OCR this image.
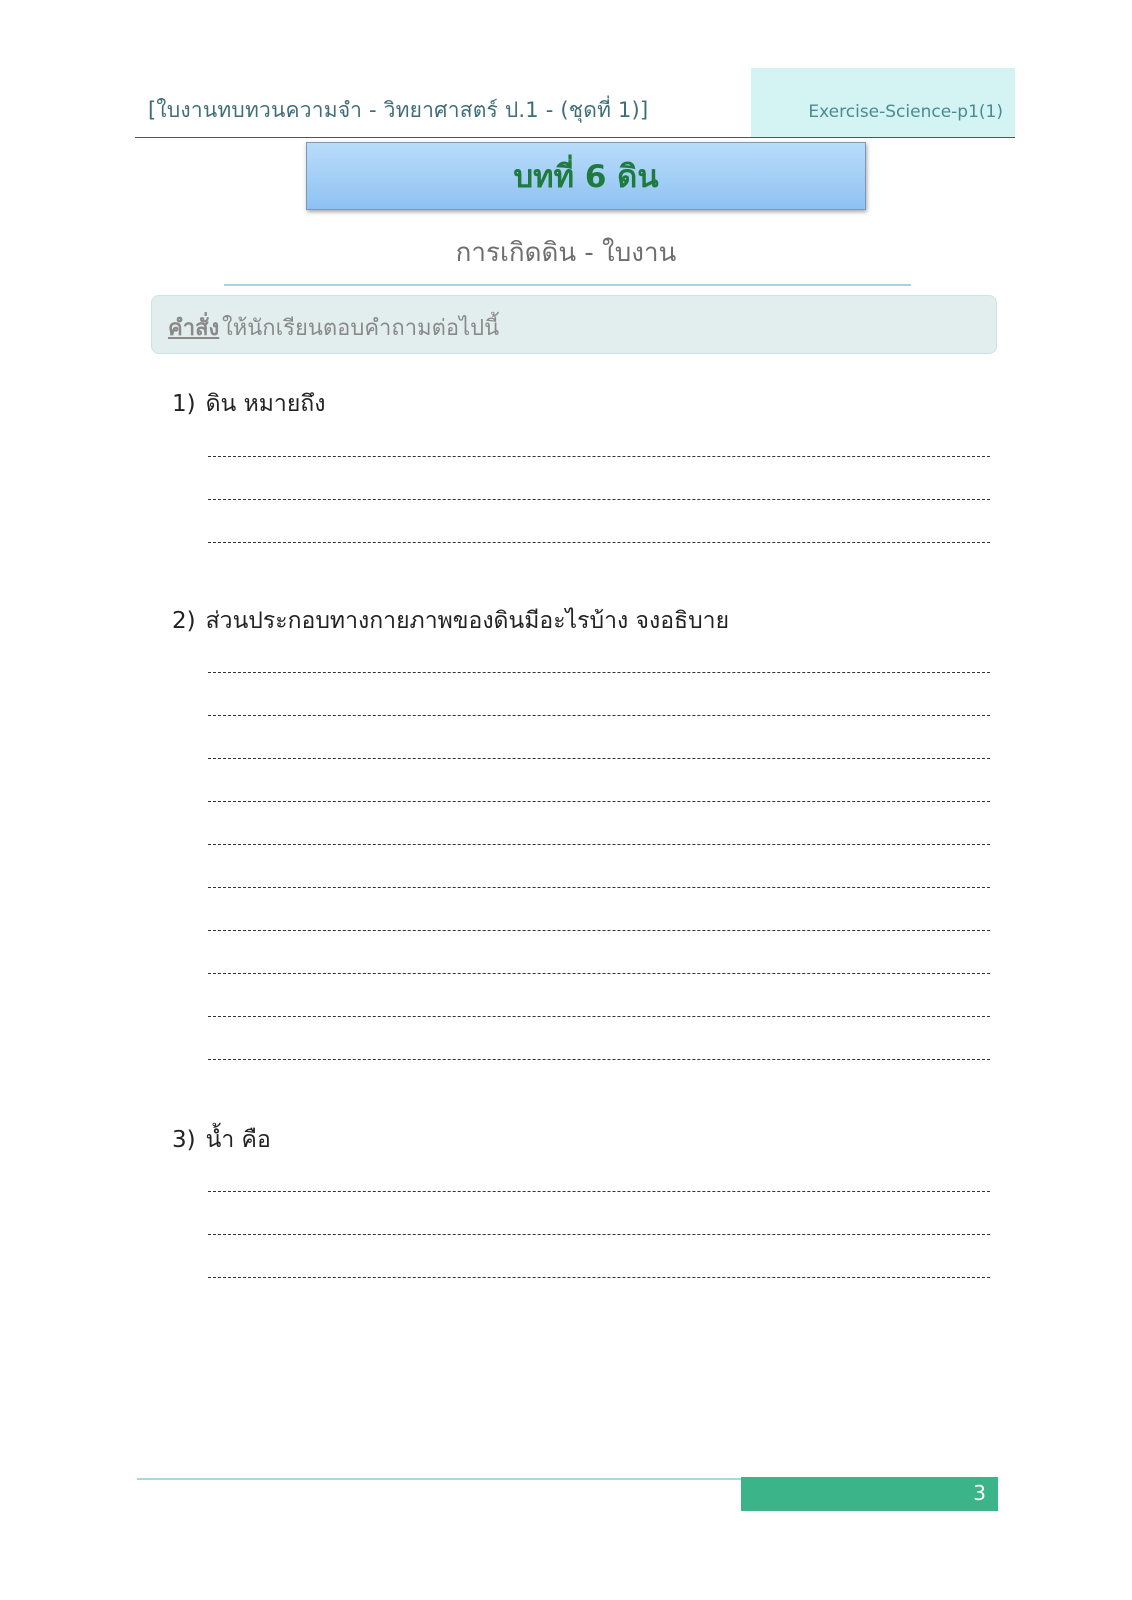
[ใบงานทบทวนความจำ - วิทยาศาสตร์ ป.1 - (ชุดที่ 1)]	Exercise-Science-p1(1)
บทที่ 6 ดิน
การเกิดดิน - ใบงาน
คำสั่ง ให้นักเรียนตอบคำถามต่อไปนี้
1) ดิน หมายถึง
2) ส่วนประกอบทางกายภาพของดินมีอะไรบ้าง จงอธิบาย
3) น้ำ คือ
3
